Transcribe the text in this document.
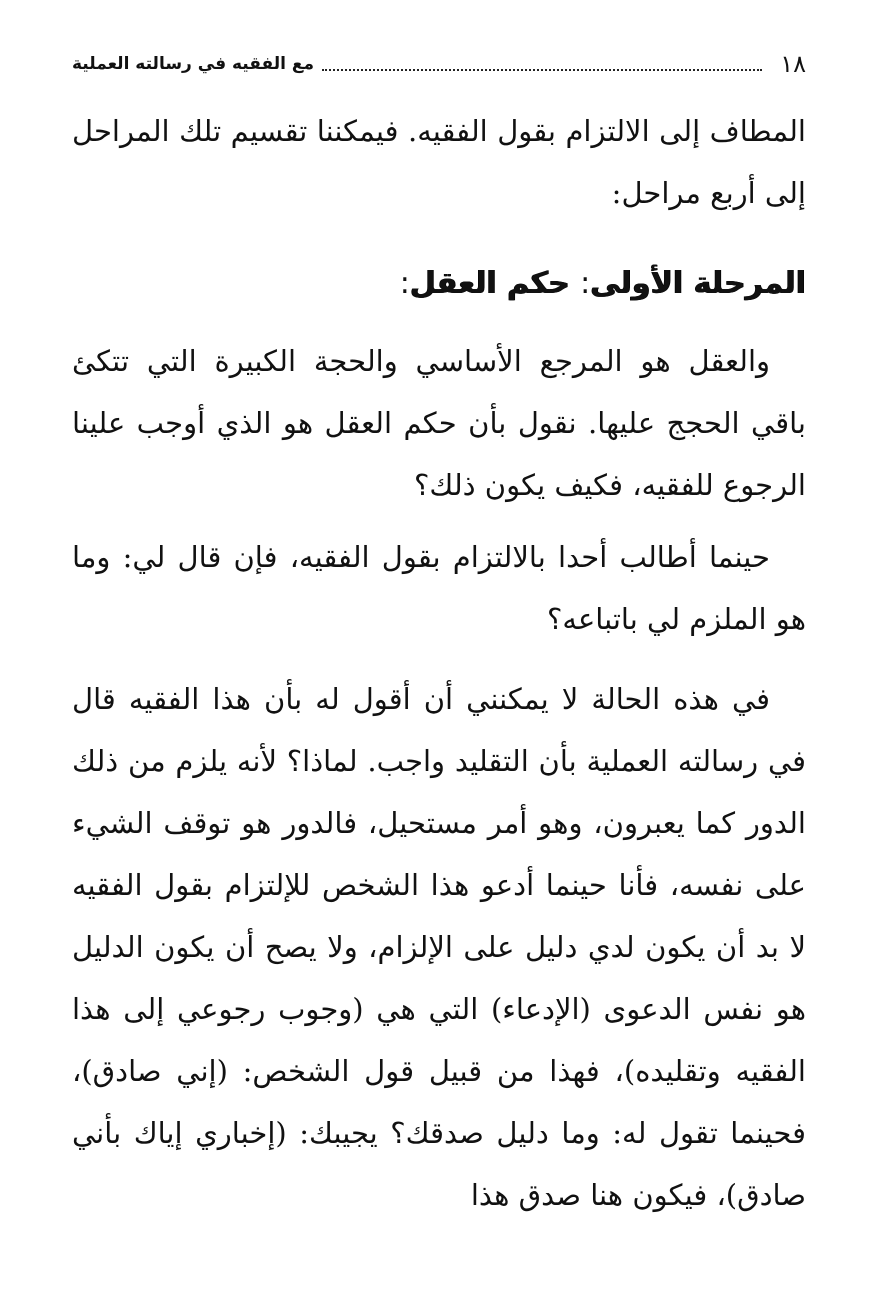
١٨
مع الفقيه في رسالته العملية

المطاف إلى الالتزام بقول الفقيه. فيمكننا تقسيم تلك المراحل إلى أربع مراحل:

المرحلة الأولى: حكم العقل:

والعقل هو المرجع الأساسي والحجة الكبيرة التي تتكئ باقي الحجج عليها. نقول بأن حكم العقل هو الذي أوجب علينا الرجوع للفقيه، فكيف يكون ذلك؟

حينما أطالب أحدا بالالتزام بقول الفقيه، فإن قال لي: وما هو الملزم لي باتباعه؟

في هذه الحالة لا يمكنني أن أقول له بأن هذا الفقيه قال في رسالته العملية بأن التقليد واجب. لماذا؟ لأنه يلزم من ذلك الدور كما يعبرون، وهو أمر مستحيل، فالدور هو توقف الشيء على نفسه، فأنا حينما أدعو هذا الشخص للإلتزام بقول الفقيه لا بد أن يكون لدي دليل على الإلزام، ولا يصح أن يكون الدليل هو نفس الدعوى (الإدعاء) التي هي (وجوب رجوعي إلى هذا الفقيه وتقليده)، فهذا من قبيل قول الشخص: (إني صادق)، فحينما تقول له: وما دليل صدقك؟ يجيبك: (إخباري إياك بأني صادق)، فيكون هنا صدق هذا
